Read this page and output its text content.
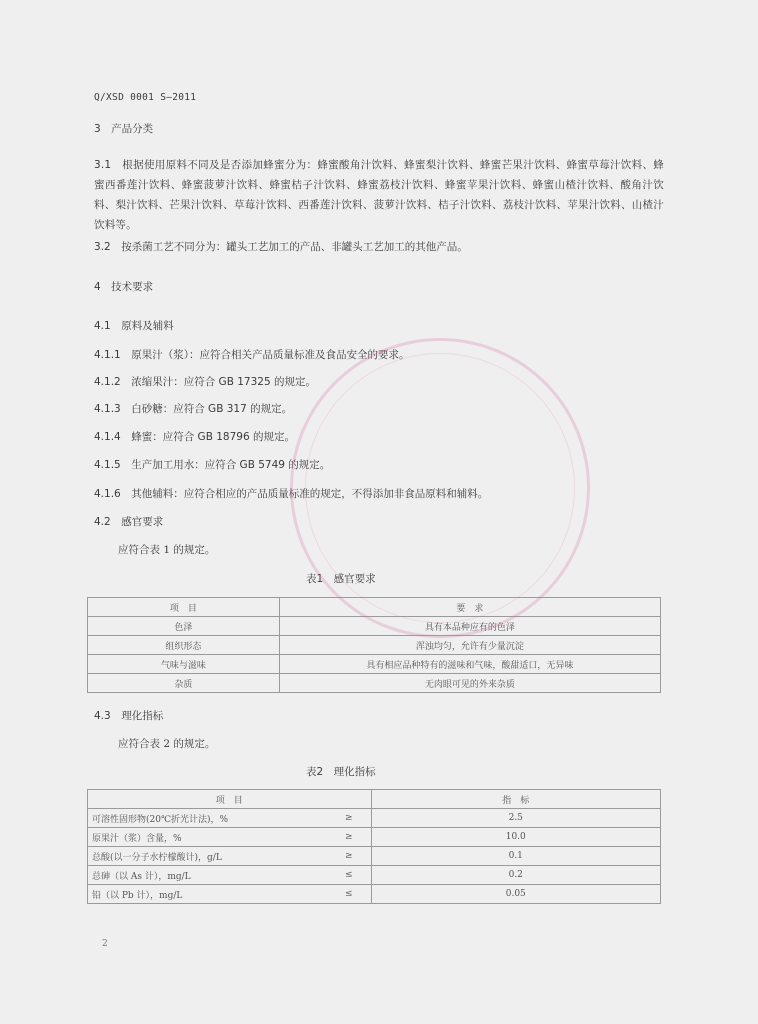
Q/XSD 0001 S—2011
3　产品分类
3.1　根据使用原料不同及是否添加蜂蜜分为：蜂蜜酸角汁饮料、蜂蜜梨汁饮料、蜂蜜芒果汁饮料、蜂蜜草莓汁饮料、蜂蜜西番莲汁饮料、蜂蜜菠萝汁饮料、蜂蜜桔子汁饮料、蜂蜜荔枝汁饮料、蜂蜜苹果汁饮料、蜂蜜山楂汁饮料、酸角汁饮料、梨汁饮料、芒果汁饮料、草莓汁饮料、西番莲汁饮料、菠萝汁饮料、桔子汁饮料、荔枝汁饮料、苹果汁饮料、山楂汁饮料等。
3.2　按杀菌工艺不同分为：罐头工艺加工的产品、非罐头工艺加工的其他产品。
4　技术要求
4.1　原料及辅料
4.1.1　原果汁（浆）：应符合相关产品质量标准及食品安全的要求。
4.1.2　浓缩果汁：应符合 GB 17325 的规定。
4.1.3　白砂糖：应符合 GB 317 的规定。
4.1.4　蜂蜜：应符合 GB 18796 的规定。
4.1.5　生产加工用水：应符合 GB 5749 的规定。
4.1.6　其他辅料：应符合相应的产品质量标准的规定，不得添加非食品原料和辅料。
4.2　感官要求
应符合表 1 的规定。
表1　感官要求
项　目	要　求
色泽	具有本品种应有的色泽
组织形态	浑浊均匀，允许有少量沉淀
气味与滋味	具有相应品种特有的滋味和气味，酸甜适口，无异味
杂质	无肉眼可见的外来杂质
4.3　理化指标
应符合表 2 的规定。
表2　理化指标
项　目		指　标
可溶性固形物(20℃折光计法)，%	≥	2.5
原果汁（浆）含量，%	≥	10.0
总酸(以一分子水柠檬酸计)，g/L	≥	0.1
总砷（以 As 计），mg/L	≤	0.2
铅（以 Pb 计），mg/L	≤	0.05
2
